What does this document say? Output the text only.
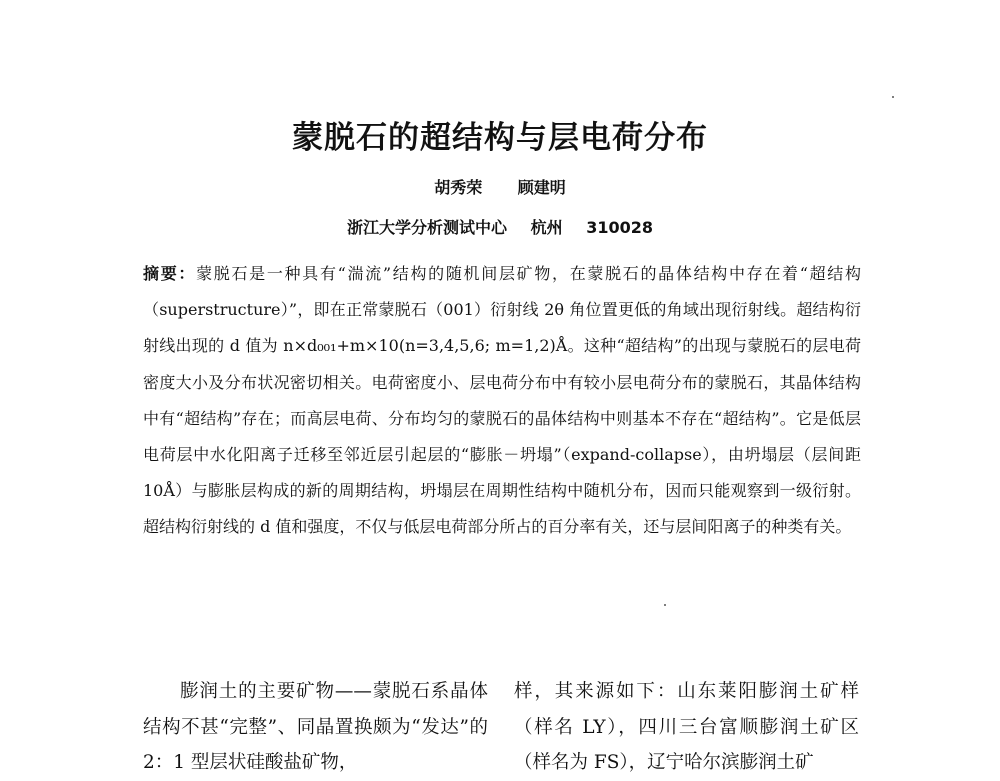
蒙脱石的超结构与层电荷分布
胡秀荣 顾建明
浙江大学分析测试中心 杭州 310028
摘要：蒙脱石是一种具有“湍流”结构的随机间层矿物，在蒙脱石的晶体结构中存在着“超结构（superstructure）”，即在正常蒙脱石（001）衍射线 2θ 角位置更低的角域出现衍射线。超结构衍射线出现的 d 值为 n×d₀₀₁+m×10(n=3,4,5,6; m=1,2)Å。这种“超结构”的出现与蒙脱石的层电荷密度大小及分布状况密切相关。电荷密度小、层电荷分布中有较小层电荷分布的蒙脱石，其晶体结构中有“超结构”存在；而高层电荷、分布均匀的蒙脱石的晶体结构中则基本不存在“超结构”。它是低层电荷层中水化阳离子迁移至邻近层引起层的“膨胀－坍塌”（expand-collapse），由坍塌层（层间距 10Å）与膨胀层构成的新的周期结构，坍塌层在周期性结构中随机分布，因而只能观察到一级衍射。超结构衍射线的 d 值和强度，不仅与低层电荷部分所占的百分率有关，还与层间阳离子的种类有关。
膨润土的主要矿物——蒙脱石系晶体结构不甚“完整”、同晶置换颇为“发达”的 2：1 型层状硅酸盐矿物，
样，其来源如下：山东莱阳膨润土矿样（样名 LY），四川三台富顺膨润土矿区（样名为 FS），辽宁哈尔滨膨润土矿
